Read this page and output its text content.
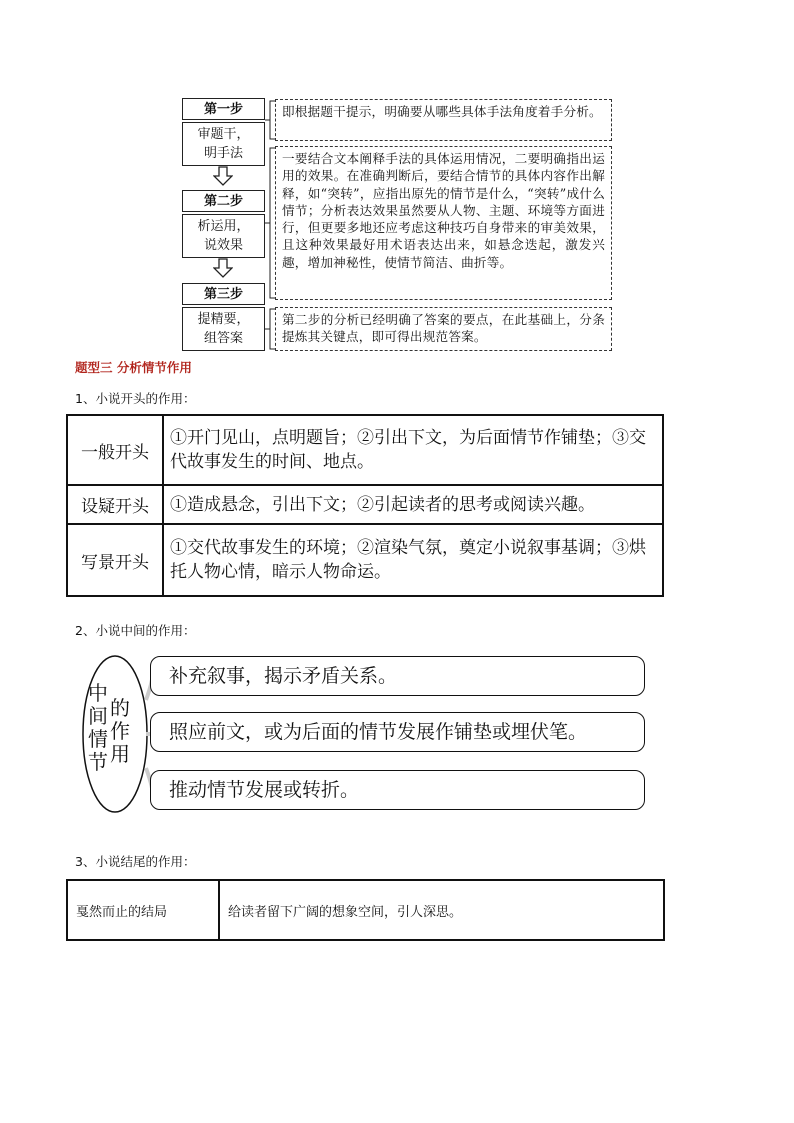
第一步
审题干，
明手法
第二步
析运用，
说效果
第三步
提精要，
组答案
即根据题干提示，明确要从哪些具体手法角度着手分析。
一要结合文本阐释手法的具体运用情况，二要明确指出运用的效果。在准确判断后，要结合情节的具体内容作出解释，如“突转”，应指出原先的情节是什么，“突转”成什么情节；分析表达效果虽然要从人物、主题、环境等方面进行，但更要多地还应考虑这种技巧自身带来的审美效果，且这种效果最好用术语表达出来，如悬念迭起，激发兴趣，增加神秘性，使情节简洁、曲折等。
第二步的分析已经明确了答案的要点，在此基础上，分条提炼其关键点，即可得出规范答案。
题型三 分析情节作用
1、小说开头的作用：
一般开头	①开门见山，点明题旨；②引出下文，为后面情节作铺垫；③交代故事发生的时间、地点。
设疑开头	①造成悬念，引出下文；②引起读者的思考或阅读兴趣。
写景开头	①交代故事发生的环境；②渲染气氛，奠定小说叙事基调；③烘托人物心情，暗示人物命运。
2、小说中间的作用：
中间情节
的作用
补充叙事，揭示矛盾关系。
照应前文，或为后面的情节发展作铺垫或埋伏笔。
推动情节发展或转折。
3、小说结尾的作用：
戛然而止的结局	给读者留下广阔的想象空间，引人深思。
